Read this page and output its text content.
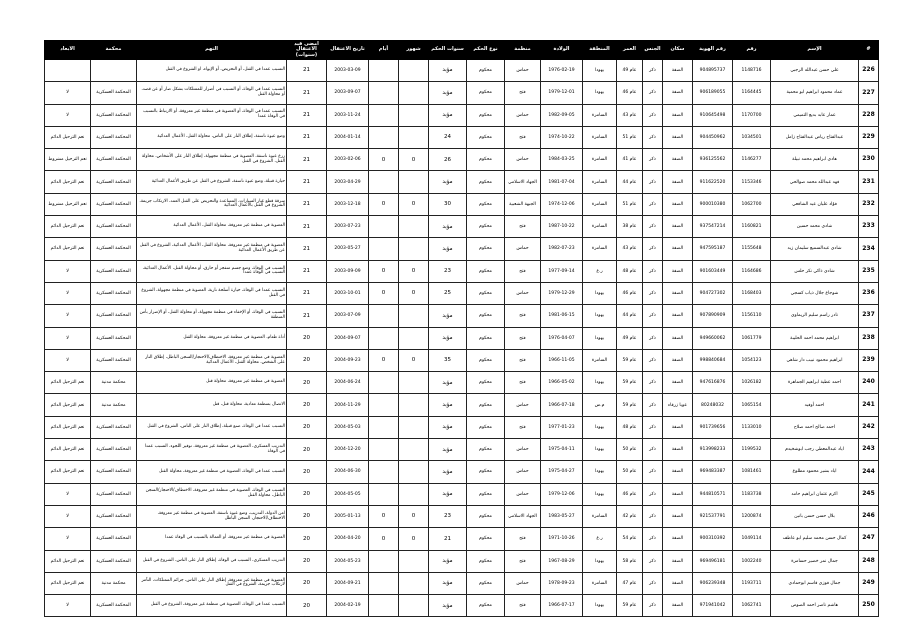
#	الإسم	رقم	رقم الهوية	سكان	الجنس	العمر	المنطقة	الولادة	منظمة	نوع الحكم	سنوات الحكم	شهور	أيام	تاريخ الاعتقال	امضى قيد الاعتقال (سنوات)	التهم	محكمة	الابعاد
226	علي حسن عبدالله الرجبي	1148716	904895737	الضفة	ذكر	عام 49	يهودا	1976-02-19	حماس	محكوم	مؤبد			2003-03-09	21	التسبب عمدا في القتل، أو التحريض، أو الإيواء، او الشروع في القتل		
227	عماد محمود ابراهيم ابو محمية	1164445	906189055	الضفة	ذكر	عام 46	يهودا	1979-12-01	فتح	محكوم	مؤبد			2003-09-07	21	التسبب عمدا في الوفاة، أو التسبب في أضرار للممتلكات بشكل ضار أو عن قصد، أو محاولة القتل	المحكمة العسكرية	لا
228	عمار عابد بديع التميمي	1170700	910645498	الضفة	ذكر	عام 43	السامرة	1982-09-05	حماس	محكوم	مؤبد			2003-11-24	21	التسبب عمدا في الوفاة، أو العضوية في منظمة غير معروفة، أو الارتباط بالتسبب في الوفاة عمدا	المحكمة العسكرية	لا
229	عبدالفتاح رياض عبدالفتاح زامل	1034501	904450962	الضفة	ذكر	عام 51	السامرة	1974-10-22	فتح	محكوم	24			2004-01-14	21	وضع عبوة ناسفة، إطلاق النار على الناس، محاولة القتل، الأعمال العدائية	المحكمة العسكرية	نعم الترحيل الدائم
230	هادي ابراهيم محمد نبيلة	1146277	936125562	الضفة	ذكر	عام 41	السامرة	1984-03-25	حماس	محكوم	26	0	0	2003-02-06	21	زرع عبوة ناسفة، العضوية في منظمة مجهولة، إطلاق النار على الأشخاص، محاولة القتل، الشروع في القتل	المحكمة العسكرية	نعم الترحيل مشروط
231	فهد عبدالله محمد صوالحي	1153346	911622520	الضفة	ذكر	عام 44	السامرة	1981-07-04	الجهاد الاسلامي	محكوم	مؤبد			2003-04-29	21	حيازة قنبلة، وضع عبوة ناسفة، الشروع في القتل عن طريق الأعمال العدائية	المحكمة العسكرية	نعم الترحيل الدائم
232	فؤاد عليان عيد الشافعي	1062700	900010380	الضفة	ذكر	عام 51	السامرة	1974-12-06	الجبهة الشعبية	محكوم	30	0	0	2003-12-18	21	سرقة قطع غيار السيارات، المساعدة والتحريض على القتل العمد، الارتكاب جريمة، الشروع في القتل بالأعمال العدائية	المحكمة العسكرية	نعم الترحيل مشروط
233	شادي محمد حسين	1160821	937547214	الضفة	ذكر	عام 38	السامرة	1987-10-22	فتح	محكوم	مؤبد			2003-07-23	21	العضوية في منظمة غير معروفة، محاولة القتل، الأعمال العدائية	المحكمة العسكرية	نعم الترحيل الدائم
234	شادي عبدالسميع سليمان زيد	1155648	947595187	الضفة	ذكر	عام 43	السامرة	1982-07-23	حماس	محكوم	مؤبد			2003-05-27	21	العضوية في منظمة غير معروفة، محاولة القتل، الأعمال العدائية، الشروع في القتل عن طريق الأعمال العدائية	المحكمة العسكرية	نعم الترحيل الدائم
235	شادي ذاكي نكر حلس	1164686	901603449	الضفة	ذكر	عام 48	ر.غ	1977-09-14	فتح	محكوم	23	0	0	2003-09-09	21	التسبب في الوفاة، وضع جسم متفجر أو حارق، أو محاولة القتل، الأعمال العدائية، التسبب في الوفاة عمدا	المحكمة العسكرية	لا
236	شوجاع جلال ذياب كسجي	1168403	904727302	الضفة	ذكر	عام 46	يهودا	1979-12-29	حماس	محكوم	25	0	0	2003-10-01	21	التسبب عمدا في الوفاة، حيازة أسلحة نارية، العضوية في منظمة مجهولة، الشروع في القتل	المحكمة العسكرية	لا
237	نادر راسم سليم الريماوي	1156110	907890909	الضفة	ذكر	عام 44	يهودا	1981-06-15	فتح	محكوم	مؤبد			2003-07-09	21	التسبب في الوفاة، أو الإخفاء في منظمة مجهولة، أو محاولة القتل، أو الإضرار بأمن المنطقة	المحكمة العسكرية	لا
238	ابراهيم محمد احمد الحليبة	1061779	949660062	الضفة	ذكر	عام 49	يهودا	1976-04-07	فتح	محكوم	مؤبد			2004-09-07	20	أداة طعام، العضوية في منظمة غير معروفة، محاولة القتل	المحكمة العسكرية	لا
239	ابراهيم محمود نبيب دار شاهي	1054123	998840684	الضفة	ذكر	عام 59	السامرة	1966-11-05	فتح	محكوم	35	0	0	2004-09-23	20	العضوية في منظمة غير معروفة، الاختطاف/الاحتجاز/السجن الباطل، إطلاق النار على الشخص، محاولة القتل، الأعمال العدائية	المحكمة العسكرية	لا
240	احمد عطية ابراهيم الجماهرة	1026182	947616876	الضفة	ذكر	عام 59	يهودا	1966-05-02	فتح	محكوم	مؤبد			2004-06-24	20	العضوية في منظمة غير معروفة، محاولة قتل	محكمة مدنية	نعم الترحيل الدائم
241	احمد أوفيد	1065154	80248032	عوبا زرقاء	ذكر	عام 59	م.س	1966-07-18	حماس	محكوم	مؤبد			2004-11-29	20	الاتصال بمنظمة معادية، محاولة قتل، قتل	محكمة مدنية	نعم الترحيل الدائم
242	احمد صالح احمد صلاح	1133010	901739656	الضفة	ذكر	عام 48	يهودا	1977-01-23	فتح	محكوم	مؤبد			2004-05-03	20	التسبب عمدا في الوفاة، صنع قنبلة، إطلاق النار على الناس، الشروع في القتل	المحكمة العسكرية	نعم الترحيل الدائم
243	اياد عبدالمعطي رجب ابوشخيدم	1199532	913998233	الضفة	ذكر	عام 50	يهودا	1975-04-11	حماس	محكوم	مؤبد			2004-12-20	20	التدريب العسكري، العضوية في منظمة غير معروفة، توفير اللجوء، التسبب عمدا في الوفاة	المحكمة العسكرية	نعم الترحيل الدائم
244	اياد بشير محمود مطلوع	1081461	969483387	الضفة	ذكر	عام 50	يهودا	1975-04-27	حماس	محكوم	مؤبد			2004-06-30	20	التسبب عمدا في الوفاة، العضوية في منظمة غير معروفة، محاولة القتل	المحكمة العسكرية	نعم الترحيل الدائم
245	اكرم عثمان ابراهيم حامد	1183738	944810571	الضفة	ذكر	عام 46	يهودا	1979-12-06	حماس	محكوم	مؤبد			2004-05-05	20	التسبب في الوفاة، العضوية في منظمة غير معروفة، الاختطاف/الاحتجاز/السجن الباطل، محاولة القتل	المحكمة العسكرية	لا
246	بلال حسن حسن بانين	1200874	921537791	الضفة	ذكر	عام 42	السامرة	1983-05-27	الجهاد الاسلامي	محكوم	23	0	0	2005-01-13	20	امن الدولة، التدريب، وضع عبوة ناسفة، العضوية في منظمة غير معروفة، الاختطاف/الاحتجاز، السجن الباطل	المحكمة العسكرية	لا
247	كمال حسن محمد سليم ابو عاطف	1049114	900310392	الضفة	ذكر	عام 54	ر.غ	1971-10-26	فتح	محكوم	21	0	0	2004-04-20	20	العضوية في منظمة غير معروفة، أو العمالة بالتسبب في الوفاة عمدا	المحكمة العسكرية	لا
248	جمال نمر خضير حسامرة	1002240	969496181	الضفة	ذكر	عام 58	يهودا	1967-08-29	فتح	محكوم	مؤبد			2004-05-23	20	التدريب العسكري، التسبب في الوفاة، إطلاق النار على الناس، الشروع في القتل	المحكمة العسكرية	نعم الترحيل الدائم
249	جمال فوزي قاسم ابوحمادي	1193711	906239348	الضفة	ذكر	عام 47	السامرة	1978-09-23	حماس	محكوم	مؤبد			2004-09-21	20	العضوية في منظمة غير معروفة، إطلاق النار على الناس، جرائم الممتلكات، التآمر لارتكاب جريمة، الشروع في القتل	محكمة مدنية	نعم الترحيل الدائم
250	هاشم ناصر احمد الصوص	1062741	971941042	الضفة	ذكر	عام 59	يهودا	1966-07-17	فتح	محكوم	مؤبد			2004-02-19	20	التسبب عمدا في الوفاة، العضوية في منظمة غير معروفة، الشروع في القتل	المحكمة العسكرية	لا
